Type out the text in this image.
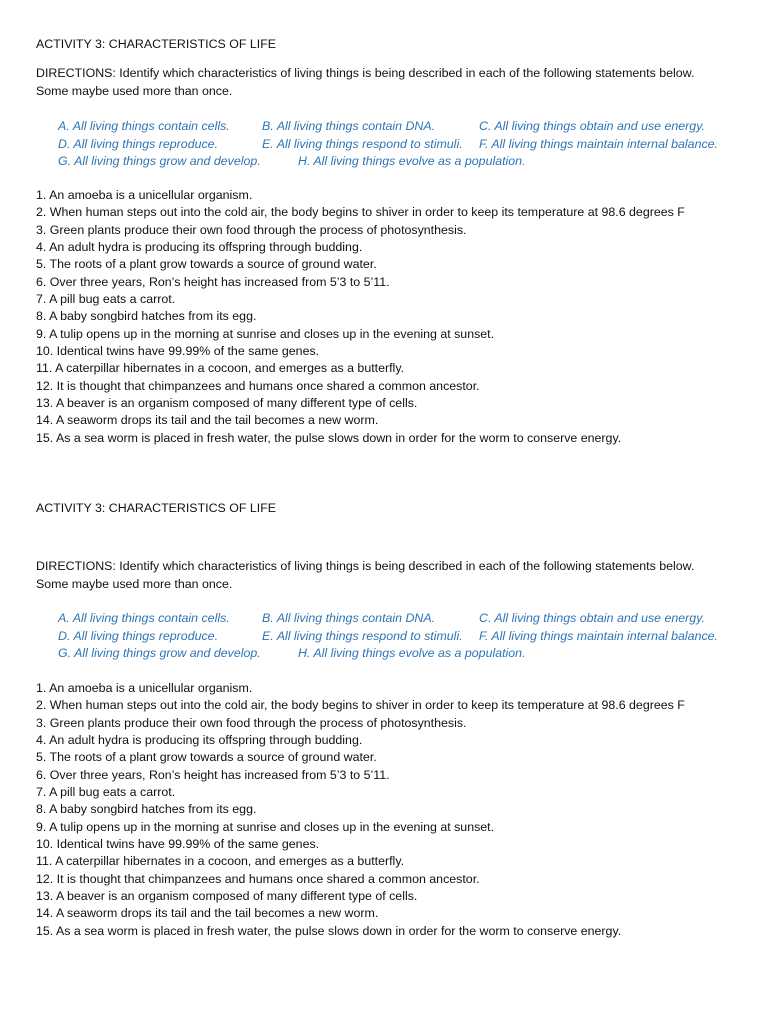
ACTIVITY 3: CHARACTERISTICS OF LIFE
DIRECTIONS: Identify which characteristics of living things is being described in each of the following statements below.
Some maybe used more than once.
A. All living things contain cells.	B. All living things contain DNA.	C. All living things obtain and use energy.
D. All living things reproduce.	E. All living things respond to stimuli. F. All living things maintain internal balance.
G. All living things grow and develop.	H. All living things evolve as a population.
1. An amoeba is a unicellular organism.
2. When human steps out into the cold air, the body begins to shiver in order to keep its temperature at 98.6 degrees F
3. Green plants produce their own food through the process of photosynthesis.
4. An adult hydra is producing its offspring through budding.
5. The roots of a plant grow towards a source of ground water.
6. Over three years, Ron’s height has increased from 5’3 to 5’11.
7. A pill bug eats a carrot.
8. A baby songbird hatches from its egg.
9. A tulip opens up in the morning at sunrise and closes up in the evening at sunset.
10. Identical twins have 99.99% of the same genes.
11. A caterpillar hibernates in a cocoon, and emerges as a butterfly.
12. It is thought that chimpanzees and humans once shared a common ancestor.
13. A beaver is an organism composed of many different type of cells.
14. A seaworm drops its tail and the tail becomes a new worm.
15. As a sea worm is placed in fresh water, the pulse slows down in order for the worm to conserve energy.
ACTIVITY 3: CHARACTERISTICS OF LIFE
DIRECTIONS: Identify which characteristics of living things is being described in each of the following statements below.
Some maybe used more than once.
A. All living things contain cells.	B. All living things contain DNA.	C. All living things obtain and use energy.
D. All living things reproduce.	E. All living things respond to stimuli. F. All living things maintain internal balance.
G. All living things grow and develop.	H. All living things evolve as a population.
1. An amoeba is a unicellular organism.
2. When human steps out into the cold air, the body begins to shiver in order to keep its temperature at 98.6 degrees F
3. Green plants produce their own food through the process of photosynthesis.
4. An adult hydra is producing its offspring through budding.
5. The roots of a plant grow towards a source of ground water.
6. Over three years, Ron’s height has increased from 5’3 to 5’11.
7. A pill bug eats a carrot.
8. A baby songbird hatches from its egg.
9. A tulip opens up in the morning at sunrise and closes up in the evening at sunset.
10. Identical twins have 99.99% of the same genes.
11. A caterpillar hibernates in a cocoon, and emerges as a butterfly.
12. It is thought that chimpanzees and humans once shared a common ancestor.
13. A beaver is an organism composed of many different type of cells.
14. A seaworm drops its tail and the tail becomes a new worm.
15. As a sea worm is placed in fresh water, the pulse slows down in order for the worm to conserve energy.
